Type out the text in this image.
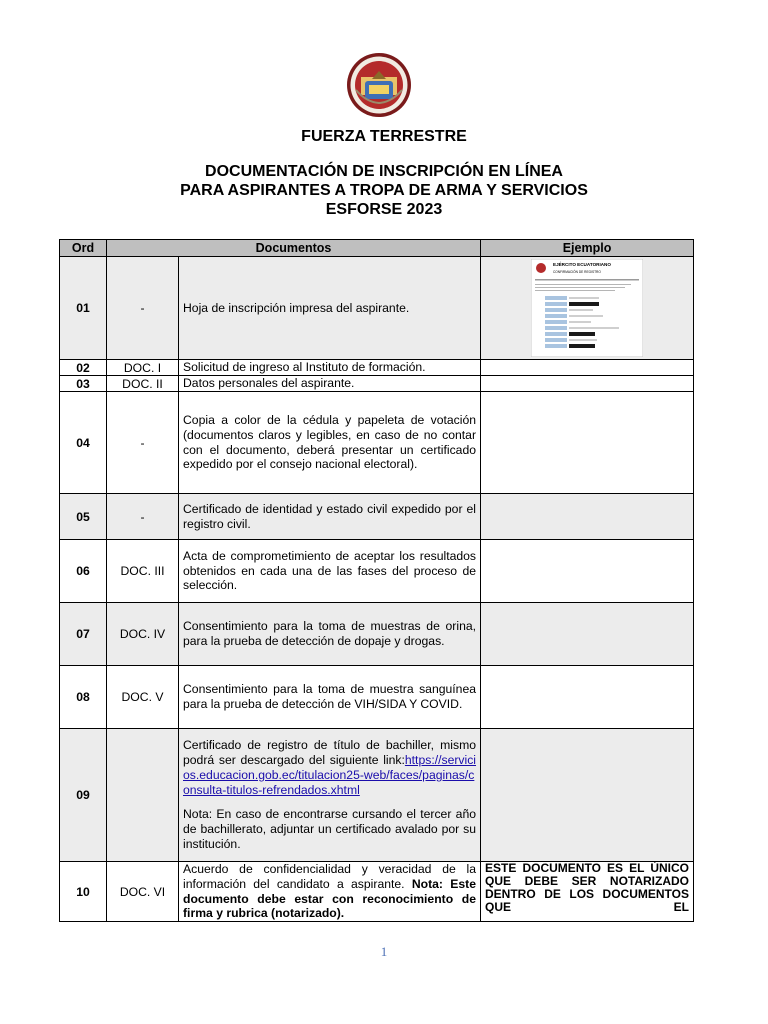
FUERZA TERRESTRE
DOCUMENTACIÓN DE INSCRIPCIÓN EN LÍNEA
PARA ASPIRANTES A TROPA DE ARMA Y SERVICIOS
ESFORSE 2023
Ord	Documentos		Ejemplo
01	-	Hoja de inscripción impresa del aspirante.	EJÉRCITO ECUATORIANO
CONFIRMACIÓN DE REGISTRO

02	DOC. I	Solicitud de ingreso al Instituto de formación.	
03	DOC. II	Datos personales del aspirante.	
04	-	Copia a color de la cédula y papeleta de votación (documentos claros y legibles, en caso de no contar con el documento, deberá presentar un certificado expedido por el consejo nacional electoral).	
05	-	Certificado de identidad y estado civil expedido por el registro civil.	
06	DOC. III	Acta de comprometimiento de aceptar los resultados obtenidos en cada una de las fases del proceso de selección.	
07	DOC. IV	Consentimiento para la toma de muestras de orina, para la prueba de detección de dopaje y drogas.	
08	DOC. V	Consentimiento para la toma de muestra sanguínea para la prueba de detección de VIH/SIDA Y COVID.	
09		Certificado de registro de título de bachiller, mismo podrá ser descargado del siguiente link:https://servicios.educacion.gob.ec/titulacion25-web/faces/paginas/consulta-titulos-refrendados.xhtml
Nota: En caso de encontrarse cursando el tercer año de bachillerato, adjuntar un certificado avalado por su institución.	

10	DOC. VI	Acuerdo de confidencialidad y veracidad de la información del candidato a aspirante. Nota: Este documento debe estar con reconocimiento de firma y rubrica (notarizado).	ESTE DOCUMENTO ES EL ÚNICO QUE DEBE SER NOTARIZADO DENTRO DE LOS DOCUMENTOS QUE EL
1
